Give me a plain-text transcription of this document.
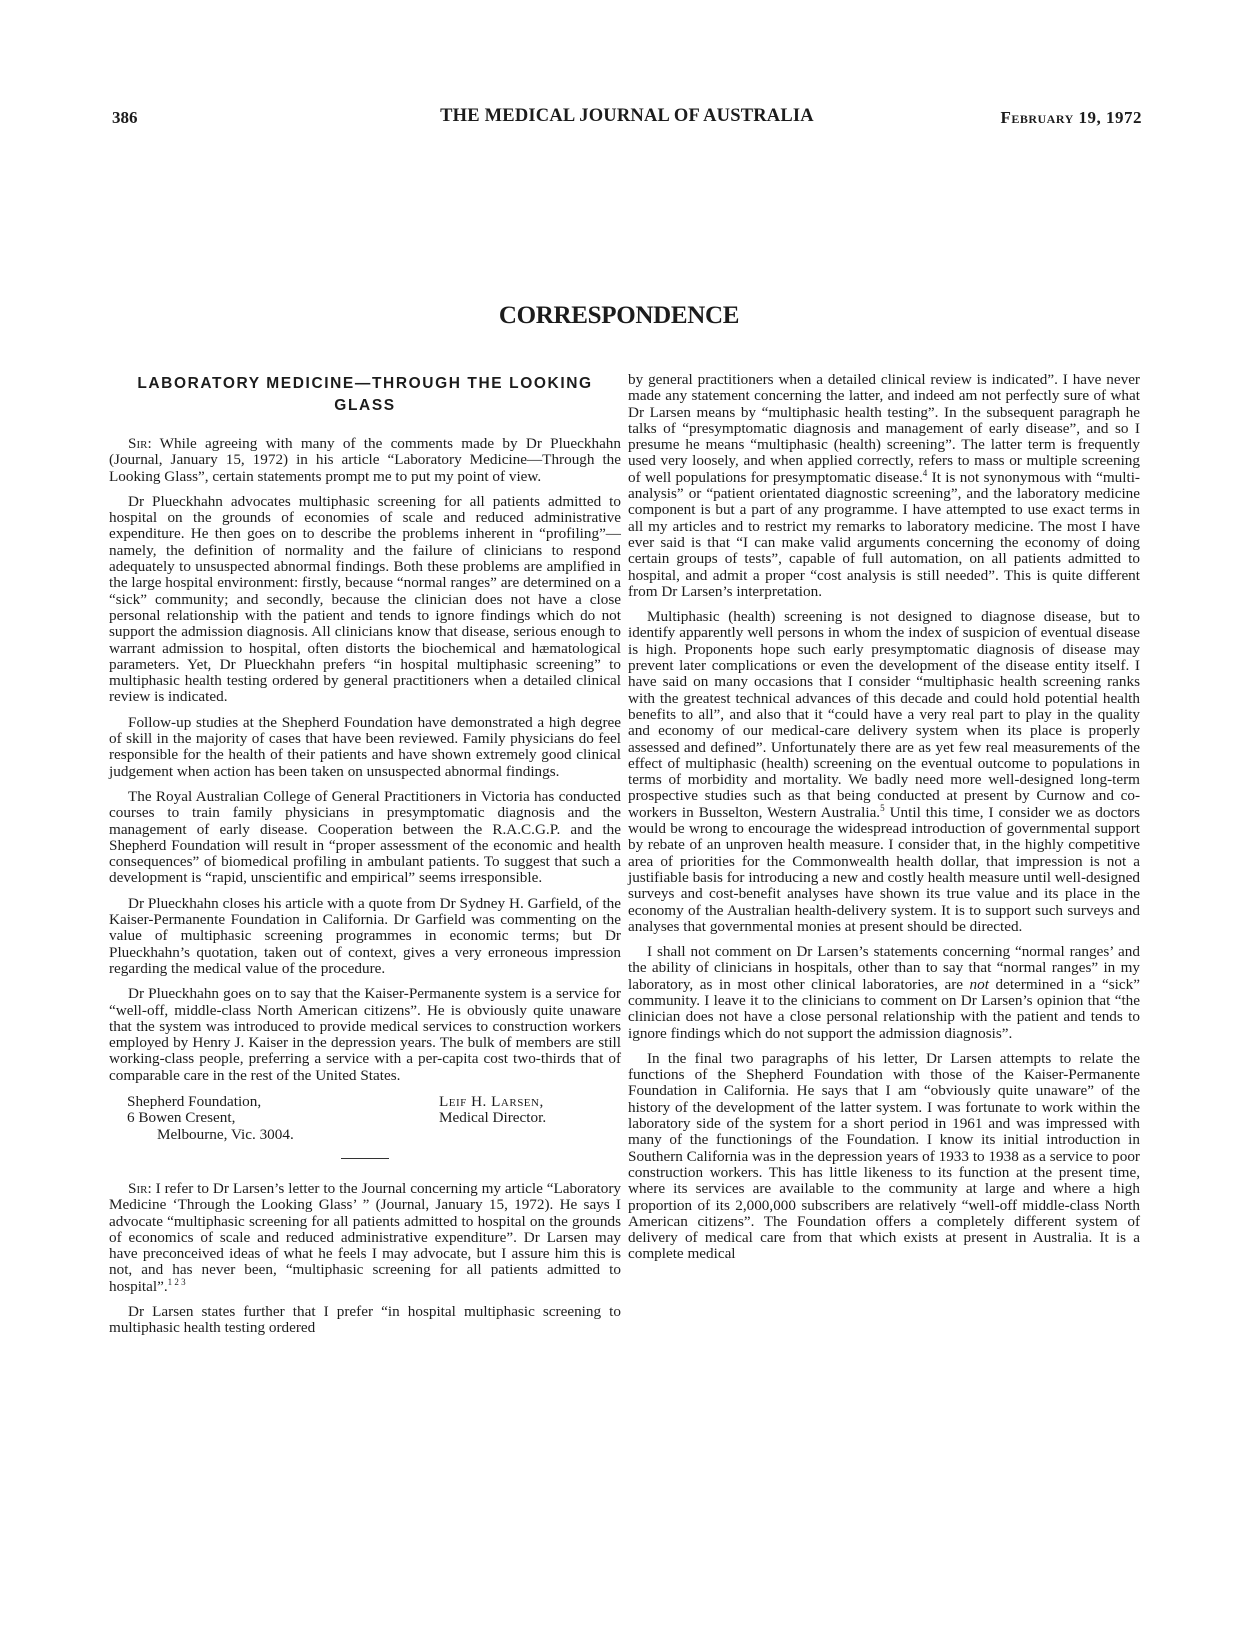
386	THE MEDICAL JOURNAL OF AUSTRALIA	February 19, 1972
CORRESPONDENCE
LABORATORY MEDICINE—THROUGH THE LOOKING GLASS

Sir: While agreeing with many of the comments made by Dr Plueckhahn (Journal, January 15, 1972) in his article “Laboratory Medicine—Through the Looking Glass”, certain statements prompt me to put my point of view.

Dr Plueckhahn advocates multiphasic screening for all patients admitted to hospital on the grounds of economies of scale and reduced administrative expenditure. He then goes on to describe the problems inherent in “profiling”—namely, the definition of normality and the failure of clinicians to respond adequately to unsuspected abnormal findings. Both these problems are amplified in the large hospital environment: firstly, because “normal ranges” are determined on a “sick” community; and secondly, because the clinician does not have a close personal relationship with the patient and tends to ignore findings which do not support the admission diagnosis. All clinicians know that disease, serious enough to warrant admission to hospital, often distorts the biochemical and hæmatological parameters. Yet, Dr Plueckhahn prefers “in hospital multiphasic screening” to multiphasic health testing ordered by general practitioners when a detailed clinical review is indicated.

Follow-up studies at the Shepherd Foundation have demonstrated a high degree of skill in the majority of cases that have been reviewed. Family physicians do feel responsible for the health of their patients and have shown extremely good clinical judgement when action has been taken on unsuspected abnormal findings.

The Royal Australian College of General Practitioners in Victoria has conducted courses to train family physicians in presymptomatic diagnosis and the management of early disease. Cooperation between the R.A.C.G.P. and the Shepherd Foundation will result in “proper assessment of the economic and health consequences” of biomedical profiling in ambulant patients. To suggest that such a development is “rapid, unscientific and empirical” seems irresponsible.

Dr Plueckhahn closes his article with a quote from Dr Sydney H. Garfield, of the Kaiser-Permanente Foundation in California. Dr Garfield was commenting on the value of multiphasic screening programmes in economic terms; but Dr Plueckhahn’s quotation, taken out of context, gives a very erroneous impression regarding the medical value of the procedure.

Dr Plueckhahn goes on to say that the Kaiser-Permanente system is a service for “well-off, middle-class North American citizens”. He is obviously quite unaware that the system was introduced to provide medical services to construction workers employed by Henry J. Kaiser in the depression years. The bulk of members are still working-class people, preferring a service with a per-capita cost two-thirds that of comparable care in the rest of the United States.

Shepherd Foundation,
6 Bowen Cresent,
Melbourne, Vic. 3004.
Leif H. Larsen,
Medical Director.

Sir: I refer to Dr Larsen’s letter to the Journal concerning my article “Laboratory Medicine ‘Through the Looking Glass’ ” (Journal, January 15, 1972). He says I advocate “multiphasic screening for all patients admitted to hospital on the grounds of economics of scale and reduced administrative expenditure”. Dr Larsen may have preconceived ideas of what he feels I may advocate, but I assure him this is not, and has never been, “multiphasic screening for all patients admitted to hospital”.$^{1 2 3}$

Dr Larsen states further that I prefer “in hospital multiphasic screening to multiphasic health testing ordered

by general practitioners when a detailed clinical review is indicated”. I have never made any statement concerning the latter, and indeed am not perfectly sure of what Dr Larsen means by “multiphasic health testing”. In the subsequent paragraph he talks of “presymptomatic diagnosis and management of early disease”, and so I presume he means “multiphasic (health) screening”. The latter term is frequently used very loosely, and when applied correctly, refers to mass or multiple screening of well populations for presymptomatic disease.$^4$ It is not synonymous with “multi-analysis” or “patient orientated diagnostic screening”, and the laboratory medicine component is but a part of any programme. I have attempted to use exact terms in all my articles and to restrict my remarks to laboratory medicine. The most I have ever said is that “I can make valid arguments concerning the economy of doing certain groups of tests”, capable of full automation, on all patients admitted to hospital, and admit a proper “cost analysis is still needed”. This is quite different from Dr Larsen’s interpretation.

Multiphasic (health) screening is not designed to diagnose disease, but to identify apparently well persons in whom the index of suspicion of eventual disease is high. Proponents hope such early presymptomatic diagnosis of disease may prevent later complications or even the development of the disease entity itself. I have said on many occasions that I consider “multiphasic health screening ranks with the greatest technical advances of this decade and could hold potential health benefits to all”, and also that it “could have a very real part to play in the quality and economy of our medical-care delivery system when its place is properly assessed and defined”. Unfortunately there are as yet few real measurements of the effect of multiphasic (health) screening on the eventual outcome to populations in terms of morbidity and mortality. We badly need more well-designed long-term prospective studies such as that being conducted at present by Curnow and co-workers in Busselton, Western Australia.$^5$ Until this time, I consider we as doctors would be wrong to encourage the widespread introduction of governmental support by rebate of an unproven health measure. I consider that, in the highly competitive area of priorities for the Commonwealth health dollar, that impression is not a justifiable basis for introducing a new and costly health measure until well-designed surveys and cost-benefit analyses have shown its true value and its place in the economy of the Australian health-delivery system. It is to support such surveys and analyses that governmental monies at present should be directed.

I shall not comment on Dr Larsen’s statements concerning “normal ranges’ and the ability of clinicians in hospitals, other than to say that “normal ranges” in my laboratory, as in most other clinical laboratories, are not determined in a “sick” community. I leave it to the clinicians to comment on Dr Larsen’s opinion that “the clinician does not have a close personal relationship with the patient and tends to ignore findings which do not support the admission diagnosis”.

In the final two paragraphs of his letter, Dr Larsen attempts to relate the functions of the Shepherd Foundation with those of the Kaiser-Permanente Foundation in California. He says that I am “obviously quite unaware” of the history of the development of the latter system. I was fortunate to work within the laboratory side of the system for a short period in 1961 and was impressed with many of the functionings of the Foundation. I know its initial introduction in Southern California was in the depression years of 1933 to 1938 as a service to poor construction workers. This has little likeness to its function at the present time, where its services are available to the community at large and where a high proportion of its 2,000,000 subscribers are relatively “well-off middle-class North American citizens”. The Foundation offers a completely different system of delivery of medical care from that which exists at present in Australia. It is a complete medical
